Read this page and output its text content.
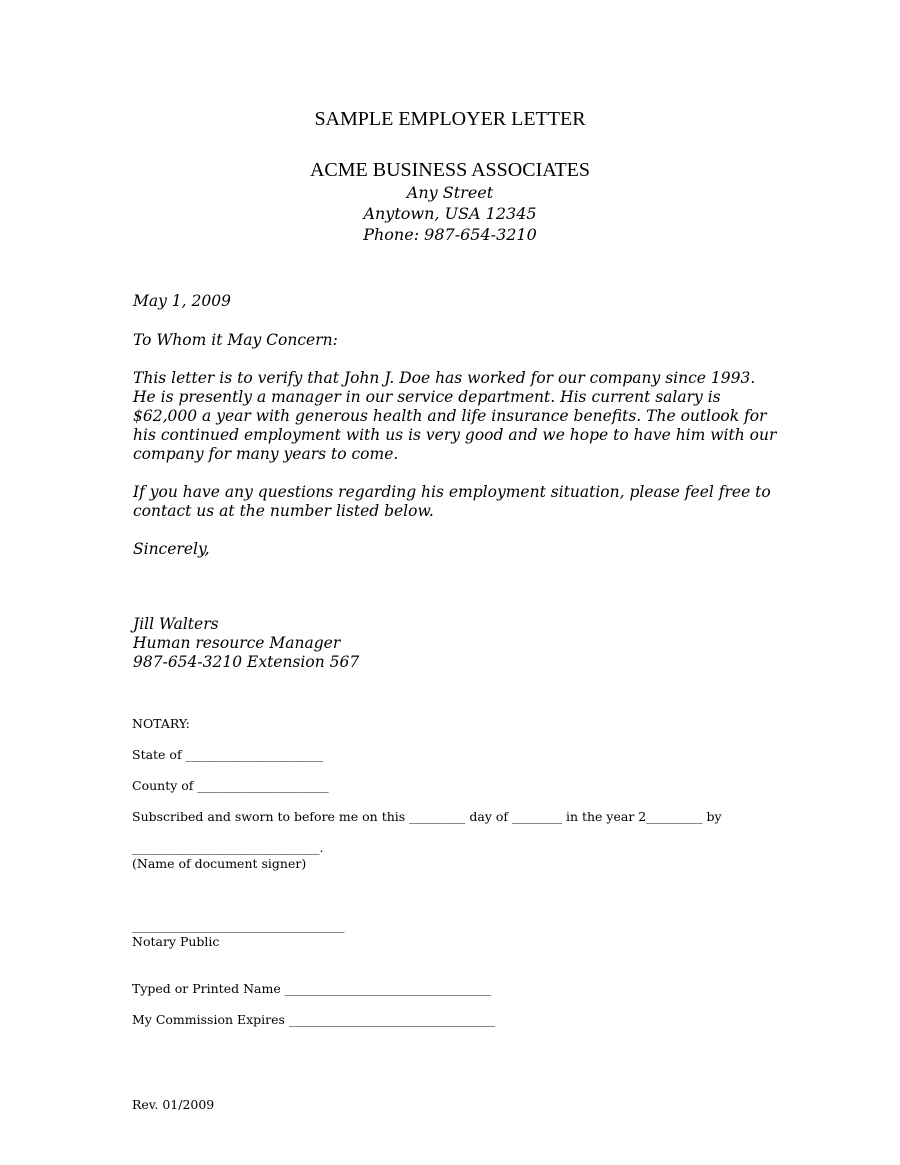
SAMPLE EMPLOYER LETTER
ACME BUSINESS ASSOCIATES
Any Street
Anytown, USA 12345
Phone: 987-654-3210
May 1, 2009
To Whom it May Concern:
This letter is to verify that John J. Doe has worked for our company since 1993.
He is presently a manager in our service department. His current salary is
$62,000 a year with generous health and life insurance benefits. The outlook for
his continued employment with us is very good and we hope to have him with our
company for many years to come.
If you have any questions regarding his employment situation, please feel free to
contact us at the number listed below.
Sincerely,
Jill Walters
Human resource Manager
987-654-3210 Extension 567
NOTARY:
State of ______________________
County of _____________________
Subscribed and sworn to before me on this _________ day of ________ in the year 2_________ by
______________________________.
(Name of document signer)
__________________________________
Notary Public
Typed or Printed Name _________________________________
My Commission Expires _________________________________
Rev. 01/2009
